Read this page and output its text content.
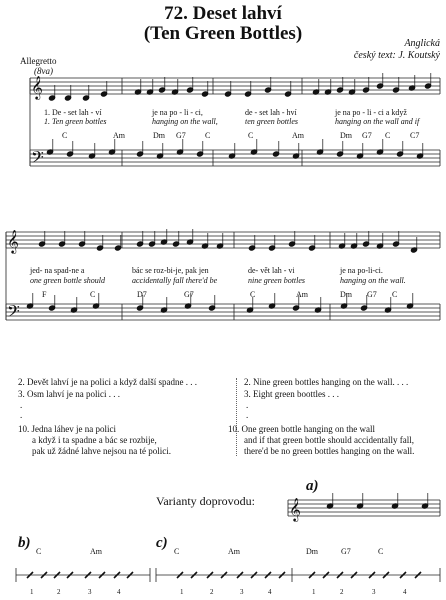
72. Deset lahví
(Ten Green Bottles)	Anglická
český text: J. Koutský
Allegretto
(8va)
𝄞
𝄢
𝄞
𝄢
𝄞
1. De - set lah - ví	je na po - li - ci,	de - set lah - hví	je na po - li - ci a když
1. Ten green bottles	hanging on the wall,	ten green bottles	hanging on the wall and if
C	Am	Dm G7 C	C	Am	Dm G7 C C7
jed- na spad-ne a	bác se roz-bi-je, pak jen	de- vět lah - vi	je na po-li-ci.
one green bottle should	accidentally fall there'd be	nine green bottles	hanging on the wall.
F	C	D7	G7	C	Am	Dm G7 C
2. Devět lahví je na polici a když další spadne . . .
3. Osm lahví je na polici . . .
.
.
10. Jedna láhev je na polici
a když i ta spadne a bác se rozbije,
pak už žádné lahve nejsou na té polici.
2. Nine green bottles hanging on the wall. . . .
3. Eight green boottles . . .
.
.
10. One green bottle hanging on the wall
and if that green bottle should accidentally fall,
there'd be no green bottles hanging on the wall.
Varianty doprovodu:
a)
b)	c)
C	Am	C	Am	Dm	G7	C
1	2	3	4	1	2	3	4	1	2	3	4
